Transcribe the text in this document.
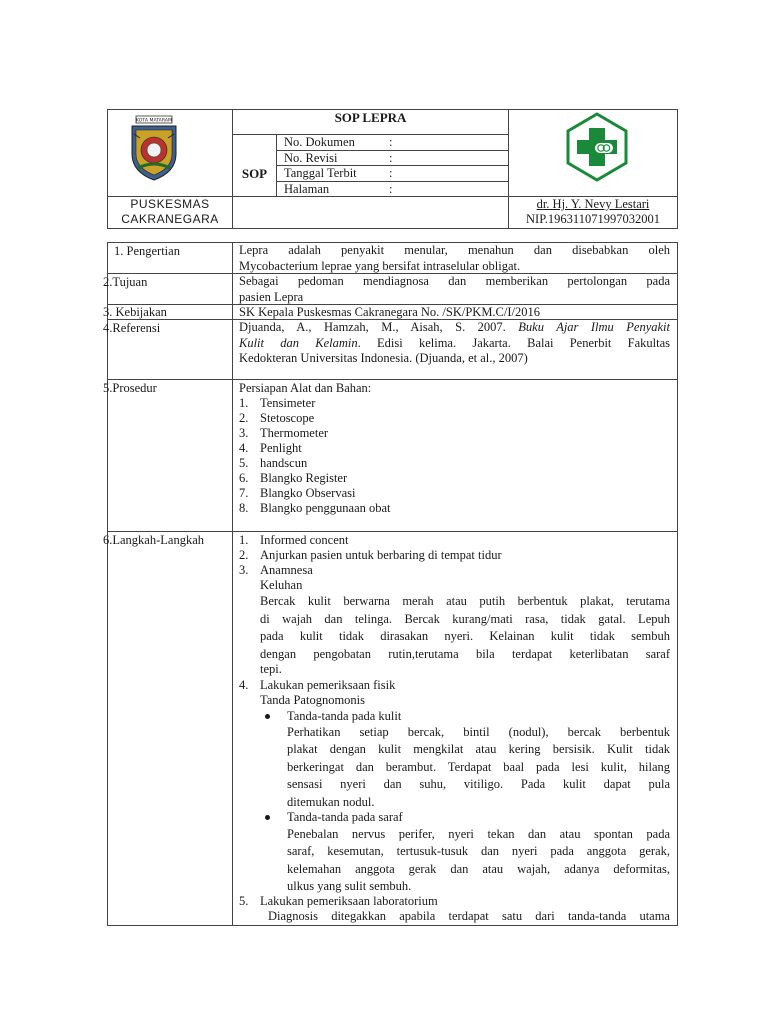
KOTA MATARAM	SOP LEPRA
SOP
No. Dokumen	:
No. Revisi	:
Tanggal Terbit	:
Halaman	:
PUSKESMAS
CAKRANEGARA
dr. Hj. Y. Nevy Lestari
NIP.196311071997032001
1. Pengertian	Lepra adalah penyakit menular, menahun dan disebabkan oleh
Mycobacterium leprae yang bersifat intraselular obligat.
2.Tujuan	Sebagai pedoman mendiagnosa dan memberikan pertolongan pada
pasien Lepra
3. Kebijakan	SK Kepala Puskesmas Cakranegara No. /SK/PKM.C/I/2016
4.Referensi	Djuanda, A., Hamzah, M., Aisah, S. 2007. Buku Ajar Ilmu Penyakit
Kulit dan Kelamin. Edisi kelima. Jakarta. Balai Penerbit Fakultas
Kedokteran Universitas Indonesia. (Djuanda, et al., 2007)
5.Prosedur	Persiapan Alat dan Bahan:
1. Tensimeter
2. Stetoscope
3. Thermometer
4. Penlight
5. handscun
6. Blangko Register
7. Blangko Observasi
8. Blangko penggunaan obat
6.Langkah-Langkah	1. Informed concent
2. Anjurkan pasien untuk berbaring di tempat tidur
3. Anamnesa
Keluhan
Bercak kulit berwarna merah atau putih berbentuk plakat, terutama
di wajah dan telinga. Bercak kurang/mati rasa, tidak gatal. Lepuh
pada kulit tidak dirasakan nyeri. Kelainan kulit tidak sembuh
dengan pengobatan rutin,terutama bila terdapat keterlibatan saraf
tepi.
4. Lakukan pemeriksaan fisik
Tanda Patognomonis
Tanda-tanda pada kulit
Perhatikan setiap bercak, bintil (nodul), bercak berbentuk
plakat dengan kulit mengkilat atau kering bersisik. Kulit tidak
berkeringat dan berambut. Terdapat baal pada lesi kulit, hilang
sensasi nyeri dan suhu, vitiligo. Pada kulit dapat pula
ditemukan nodul.
Tanda-tanda pada saraf
Penebalan nervus perifer, nyeri tekan dan atau spontan pada
saraf, kesemutan, tertusuk-tusuk dan nyeri pada anggota gerak,
kelemahan anggota gerak dan atau wajah, adanya deformitas,
ulkus yang sulit sembuh.
5. Lakukan pemeriksaan laboratorium
Diagnosis ditegakkan apabila terdapat satu dari tanda-tanda utama
